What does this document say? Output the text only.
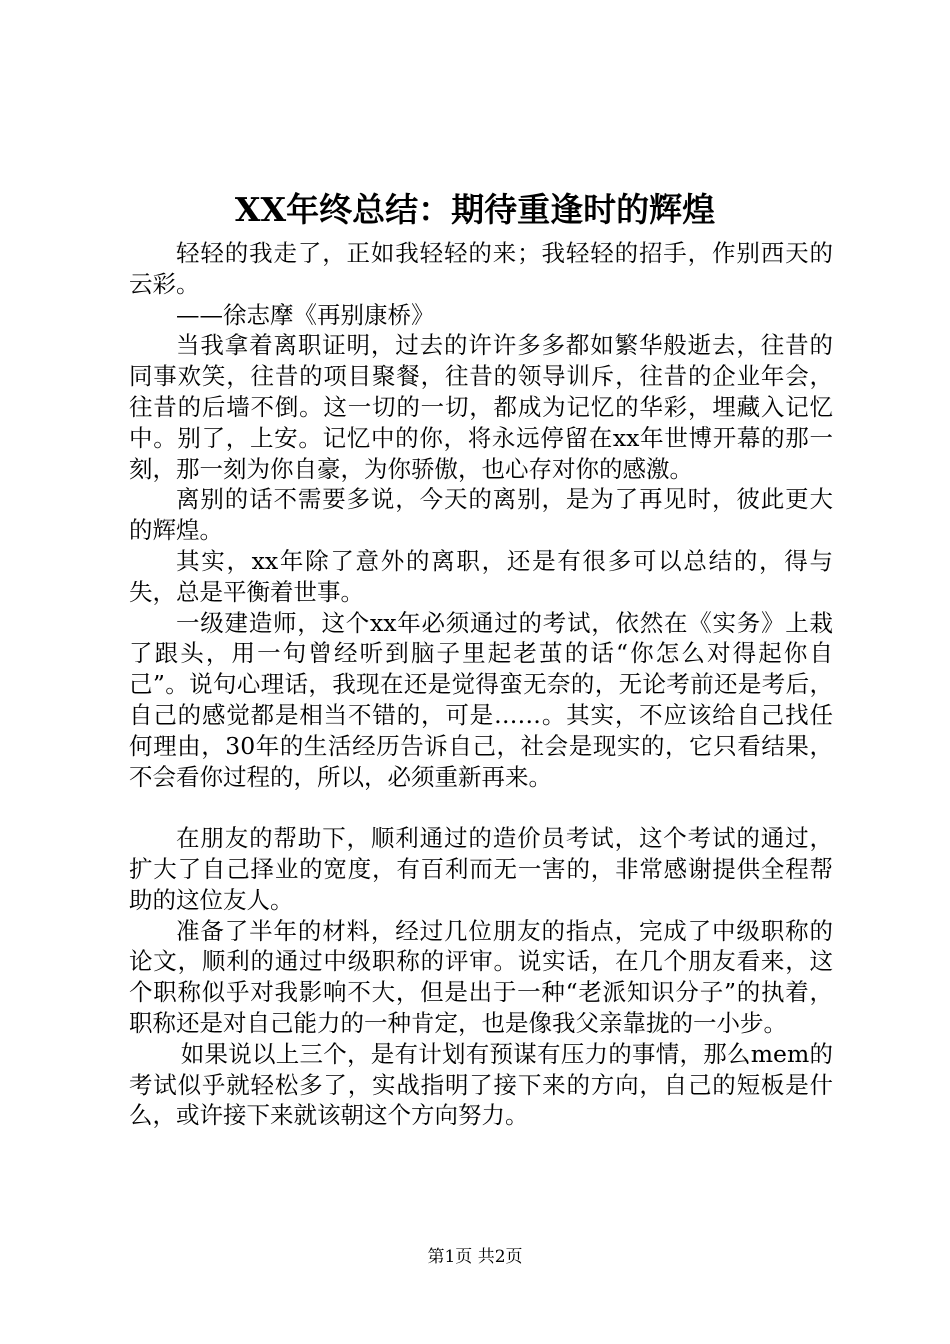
XX年终总结：期待重逢时的辉煌

轻轻的我走了，正如我轻轻的来；我轻轻的招手，作别西天的云彩。

——徐志摩《再别康桥》

当我拿着离职证明，过去的许许多多都如繁华般逝去，往昔的同事欢笑，往昔的项目聚餐，往昔的领导训斥，往昔的企业年会，往昔的后墙不倒。这一切的一切，都成为记忆的华彩，埋藏入记忆中。别了，上安。记忆中的你，将永远停留在xx年世博开幕的那一刻，那一刻为你自豪，为你骄傲，也心存对你的感激。

离别的话不需要多说，今天的离别，是为了再见时，彼此更大的辉煌。

其实，xx年除了意外的离职，还是有很多可以总结的，得与失，总是平衡着世事。

一级建造师，这个xx年必须通过的考试，依然在《实务》上栽了跟头，用一句曾经听到脑子里起老茧的话“你怎么对得起你自己”。说句心理话，我现在还是觉得蛮无奈的，无论考前还是考后，自己的感觉都是相当不错的，可是……。其实，不应该给自己找任何理由，30年的生活经历告诉自己，社会是现实的，它只看结果，不会看你过程的，所以，必须重新再来。

在朋友的帮助下，顺利通过的造价员考试，这个考试的通过，扩大了自己择业的宽度，有百利而无一害的，非常感谢提供全程帮助的这位友人。

准备了半年的材料，经过几位朋友的指点，完成了中级职称的论文，顺利的通过中级职称的评审。说实话，在几个朋友看来，这个职称似乎对我影响不大，但是出于一种“老派知识分子”的执着，职称还是对自己能力的一种肯定，也是像我父亲靠拢的一小步。

如果说以上三个，是有计划有预谋有压力的事情，那么mem的考试似乎就轻松多了，实战指明了接下来的方向，自己的短板是什么，或许接下来就该朝这个方向努力。

第1页 共2页
